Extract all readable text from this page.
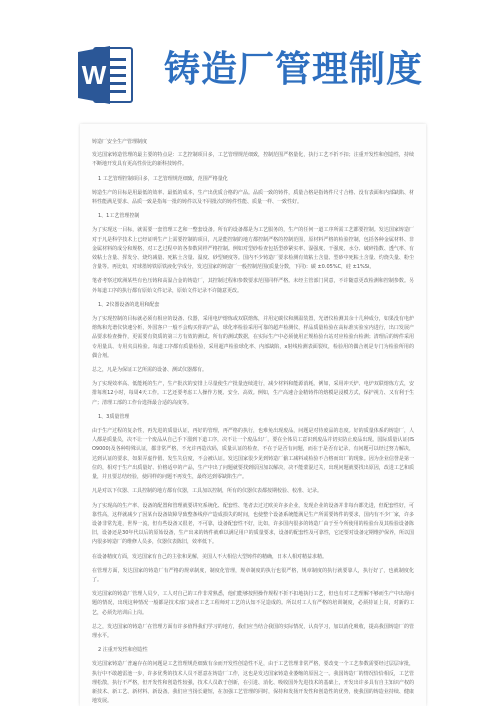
W 铸造厂管理制度

铸造厂安全生产管理制度

发达国家铸造管理的最主要的特点是：工艺控制项目多，工艺管理规范细致，控制范围严格量化，执行工艺不折不扣；注重开发性和创造性，持续不断地开发具有更高性价比的新科技铸件。

1 工艺管理控制项目多，工艺管理规范细致，范围严格量化

铸造生产的目标是用最低的效率、最低的成本，生产出优质合格的产品。品质一致的铸件，质量合格是指铸件尺寸合格、没有表面和内部缺陷、材料性能满足要求、品质一致是指每一批的铸件以及不同批次的铸件性能、质量一样、一致性好。

1、1工艺管理控制

为了实现这一目标，就需要一套管理工艺和一整套设备。所有的设备都是为工艺服务的，生产的任何一道工序所需工艺都要控制。发达国家铸造厂对于凡是科学技术上已经证明生产上需要控制的项目，凡是能控制的地方都控制严格的控制范围，原材料严格的检验控制，包括各种金属材料、非金属材料的成分和规格，对工艺过程中的各参数同样严格控制。例如对型砂检查包括型砂紧实率、湿强度、干强度、水分、破碎指数、透气率、有效粘土含量、挥发分、烧灼减量、死粘土含量、温度、砂型硬度等。国内不少铸造厂要求检测有效粘土含量、型砂中死粘土含量、灼烧失量、粉尘含量等。再比如，对球墨铸铁原铁液化学成分，发达国家的铸造厂一般控制范围(质量分数，下同)：碳 ±0.05%C，硅 ±1%Si。

笔者考察过欧洲某些有色压铸和高温合金的铸造厂，其控制过程和参数要求范围同样严格。未经主管部门同意，不许随意更改检测和控制参数。另外每道工序的执行都有原始文件记录，原始文件记录不许随意更改。

1、2仪器设备的选用和配套

为了实现控制的目标就必须有相应的设备、仪器，采用电炉熔炼或双联熔炼，并用定碳仪和测温装置，光谱仪检测其余十几种成分，如果没有电炉熔炼和光谱仪快速分析，外国客户一般不会购买你的产品，球化率检验采用可靠的超声检测仪，样品质量检验在高标准实验室内进行，出口发展产品要求检查操作，更需要有资质的第三方有效的测试。所有的测试数据，在实际生产中必须使用正规检验台站对应检验台检测；清理后的铸件采用专用量具、专用夹具检验。每道工序都有质量检验，采用超声检验球化率、内部缺陷，x射线检测表面裂纹，检验用的偶合剂是专门为检验所用的偶合剂。

总之，凡是为保证工艺所需的设备、测试仪器都有。

为了实现效率高、低能耗的生产，生产批次的安排上尽量使生产批量连续进行，减少材料和能源消耗。例如，采用冲天炉、电炉双联熔炼方式，安排每班12小时，每周4天工作。工艺还要考虑工人操作方便、安全、高效。例如，生产高速合金精铸件的熔模是浸模方式，保护视力、又有利于生产；清理工部的工作台选择最合适的高度等。

1、3质量管理

由于生产过程的复杂性，再先进的质量认证，再好的管理，再严格的执行，也难免出现废品，问题是对待废品的态度。好的质量体系的铸造厂，人人都是质量员，决不让一个废品从自己手下溜到下道工序，决不让一个废品出厂，要在全体员工意识到废品并切实防止废品出现。国际质量认证(ISO9000)及各种特殊认证，都非常严格，不允许再造次码，质量认证的检查，不在于是否有问题，而在于是否有记录，有问题可以经过努力解决，达到认证的要求，如果弄虚作假、发生失信度，不会被认证。发达国家很少见到铸造厂偷工减料或检验不合格而出厂的现象。因为企业信誉是第一位的，相对于生产出质量好、价格适中的产品，生产中出了问题就要找到原因加以解决，决不能蒙混过关，出现问题就要找出原因，改进工艺和质量，并且要总结经验，使同样的问题不再发生，最终达到零缺陷生产。

凡是对以下仪器、工具控制的地方都有仪器，工具加以控制，所有的仪器仪表都按期校验、校准、记录。

为了实现高的生产率、设备的配置和管理就要讲究系统化、配套性、笔者去过过欧美许多企业，发现企业的设备并非每台都先进，但配套性好，可靠性高，这样就减少了因某台设备故障导致整条线停产造成损失的时间，也使整个设备系统能满足生产所需要铸件的要求，国内有不少厂家，许多设备非常先进，世界一流，但有些设备又很老，不可靠，设备配套性不好，比如，许多国内很多的铸造厂由于至今所使用的检验台及其检验设备陈旧，设备还是30年代以后的原始设备，生产出来的铸件就难以满足用户的质量要求，设备的配套性及可靠性，它还要对设备定期维护保养，所以国内很多铸造厂的维修人员多，仪器仪表陈旧，效率低下。

在设备精度方面，发达国家有自己的主张和见解，美国人不大相信大型铸件的精确，日本人相对精益求精。

在管理方面，发达国家的铸造厂有严格的规章制度，制度化管理，规章制度的执行也很严格，规章制度的执行就要靠人，执行好了，也就制度化了。

发达国家的铸造厂管理人员少，工人对自己的工作非常熟悉，他们能够按照操作规程不折不扣地执行工艺，但也有对工艺理解不够而生产中出现问题的情况，出现这种情况一般都是技术部门或者工艺工程师对工艺的认知不足造成的。所以对工人有严格的培训制度，必须持证上岗，对新的工艺，必须先培训后上岗。

总之，发达国家的铸造厂在管理方面有许多值得我们学习的地方，我们应当结合我国的实际情况，认真学习，加以消化吸收，提高我国铸造厂的管理水平。

2 注重开发性和创造性

发达国家铸造厂普遍存在的问题是工艺管理规范细致有余而开发性创造性不足，由于工艺管理非常严格，要改变一个工艺参数需要经过层层审批，执行中不敢越雷池一步，许多优秀的技术人员不愿意在铸造厂工作，这也是发达国家铸造业萎缩的原因之一。我国铸造厂的情况恰恰相反，工艺管理松散，执行不严格，但开发性和创造性较强，技术人员敢于创新，在引进、消化、吸收国外先进技术的基础上，开发出许多具有自主知识产权的新技术、新工艺、新材料、新设备。我们应当扬长避短，在加强工艺管理的同时，保持和发扬开发性和创造性的优势，使我国的铸造业持续、健康地发展。
